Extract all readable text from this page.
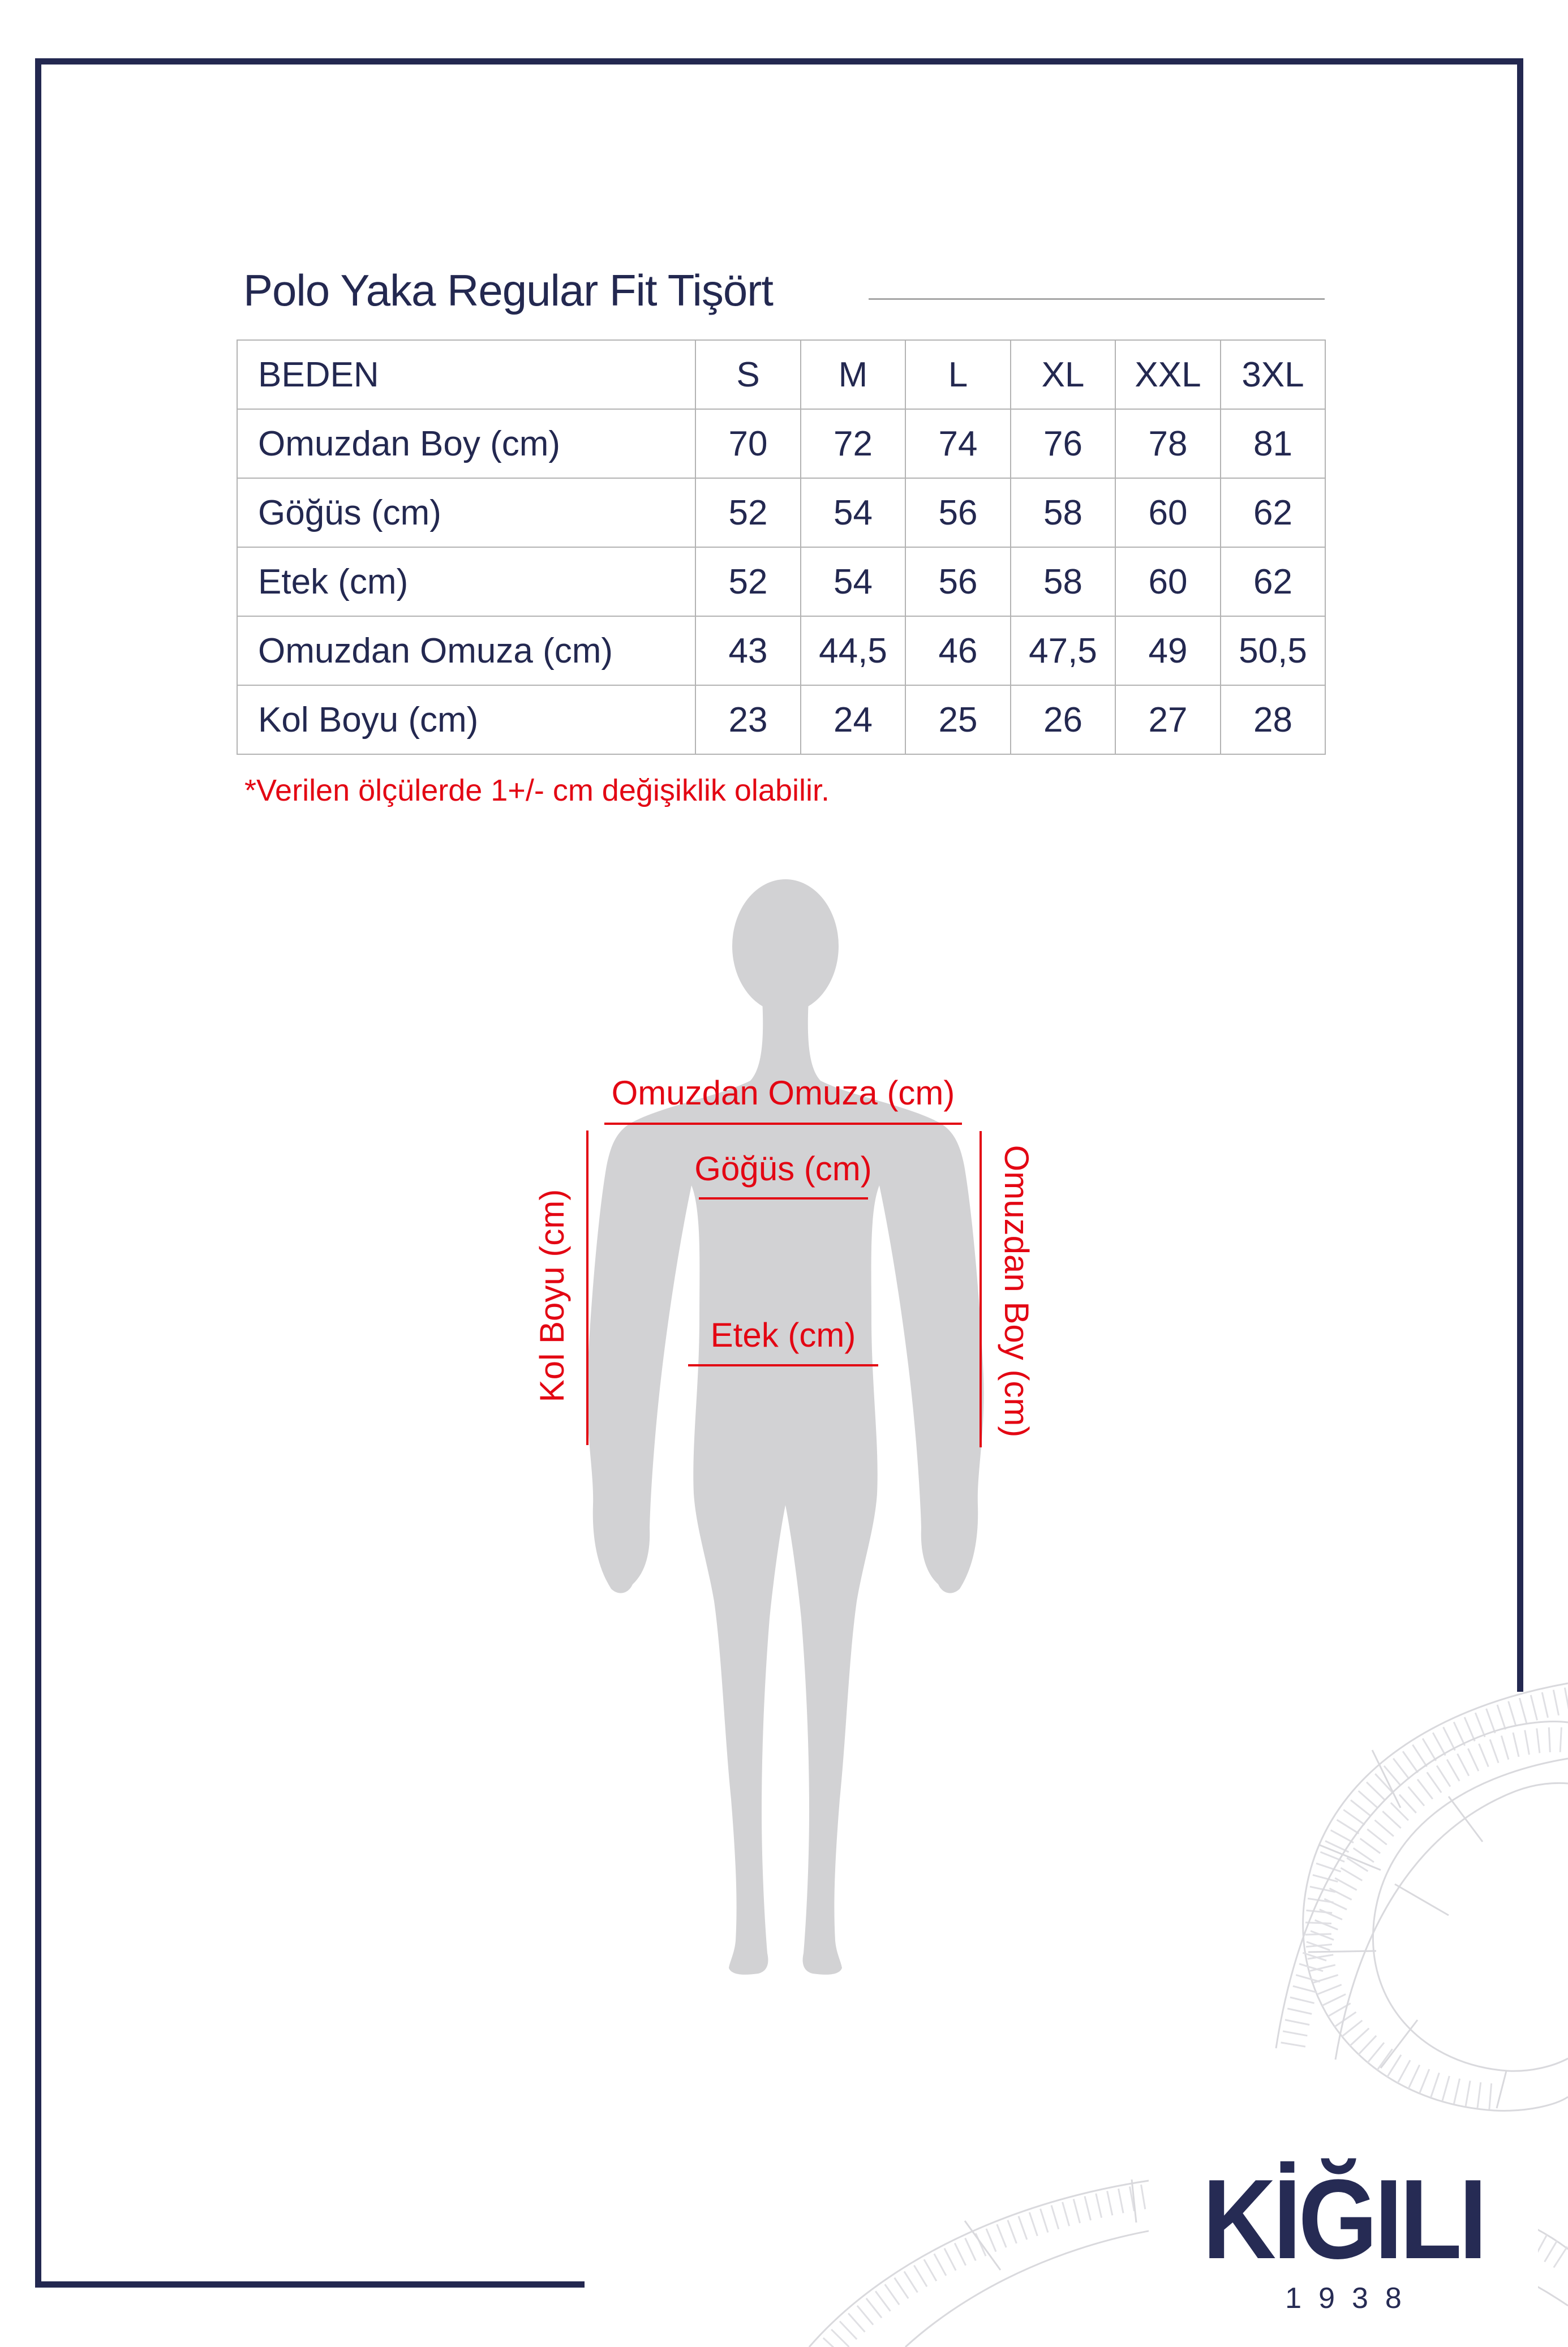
Polo Yaka Regular Fit Tişört
BEDEN	S	M	L	XL	XXL	3XL
Omuzdan Boy (cm)	70	72	74	76	78	81
Göğüs (cm)	52	54	56	58	60	62
Etek (cm)	52	54	56	58	60	62
Omuzdan Omuza (cm)	43	44,5	46	47,5	49	50,5
Kol Boyu (cm)	23	24	25	26	27	28
*Verilen ölçülerde 1+/- cm değişiklik olabilir.
Omuzdan Omuza (cm)
Göğüs (cm)
Etek (cm)
Kol Boyu (cm)	Omuzdan Boy (cm)
KİĞILI
1938
